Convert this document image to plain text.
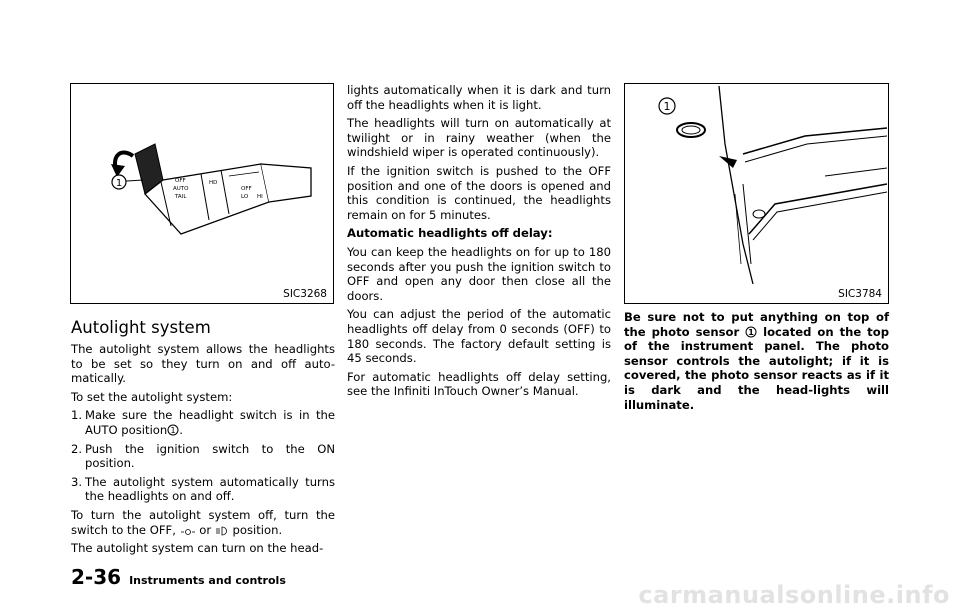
OFF
AUTO
TAIL
HD
OFF
LO HI
1
SIC3268
1
SIC3784
Autolight system

The autolight system allows the headlights to be set so they turn on and off auto-matically.

To set the autolight system:

1. Make sure the headlight switch is in the AUTO position 1 .
2. Push the ignition switch to the ON position.
3. The autolight system automatically turns the headlights on and off.

To turn the autolight system off, turn the switch to the OFF, or position.

The autolight system can turn on the head-

lights automatically when it is dark and turn off the headlights when it is light.

The headlights will turn on automatically at twilight or in rainy weather (when the windshield wiper is operated continuously).

If the ignition switch is pushed to the OFF position and one of the doors is opened and this condition is continued, the headlights remain on for 5 minutes.

Automatic headlights off delay:

You can keep the headlights on for up to 180 seconds after you push the ignition switch to OFF and open any door then close all the doors.

You can adjust the period of the automatic headlights off delay from 0 seconds (OFF) to 180 seconds. The factory default setting is 45 seconds.

For automatic headlights off delay setting, see the Infiniti InTouch Owner’s Manual.

Be sure not to put anything on top of the photo sensor 1 located on the top of the instrument panel. The photo sensor controls the autolight; if it is covered, the photo sensor reacts as if it is dark and the head-lights will illuminate.

2-36 Instruments and controls
carmanualsonline.info
